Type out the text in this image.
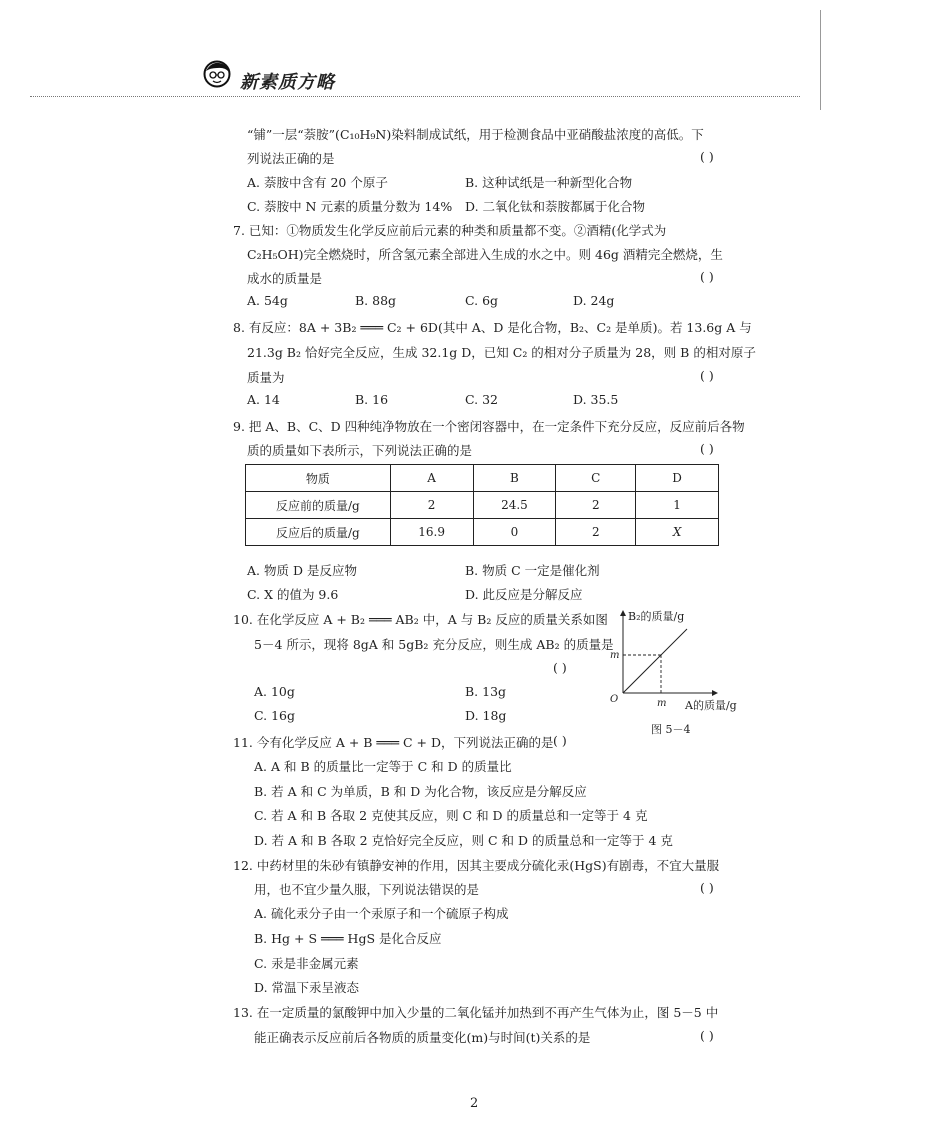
新素质方略
“铺”一层“萘胺”(C₁₀H₉N)染料制成试纸，用于检测食品中亚硝酸盐浓度的高低。下
列说法正确的是	( )
A. 萘胺中含有 20 个原子	B. 这种试纸是一种新型化合物
C. 萘胺中 N 元素的质量分数为 14% D. 二氧化钛和萘胺都属于化合物
7. 已知：①物质发生化学反应前后元素的种类和质量都不变。②酒精(化学式为
C₂H₅OH)完全燃烧时，所含氢元素全部进入生成的水之中。则 46g 酒精完全燃烧，生
成水的质量是	( )
A. 54g	B. 88g	C. 6g	D. 24g
8. 有反应：8A + 3B₂ ═══ C₂ + 6D(其中 A、D 是化合物，B₂、C₂ 是单质)。若 13.6g A 与
21.3g B₂ 恰好完全反应，生成 32.1g D，已知 C₂ 的相对分子质量为 28，则 B 的相对原子
质量为	( )
A. 14	B. 16	C. 32	D. 35.5
9. 把 A、B、C、D 四种纯净物放在一个密闭容器中，在一定条件下充分反应，反应前后各物
质的质量如下表所示，下列说法正确的是	( )
物质	A	B	C	D
反应前的质量/g	2	24.5	2	1
反应后的质量/g	16.9	0	2	X
A. 物质 D 是反应物	B. 物质 C 一定是催化剂
C. X 的值为 9.6	D. 此反应是分解反应
10. 在化学反应 A + B₂ ═══ AB₂ 中，A 与 B₂ 反应的质量关系如图
5－4 所示，现将 8gA 和 5gB₂ 充分反应，则生成 AB₂ 的质量是
( )
A. 10g	B. 13g
C. 16g	D. 18g
B₂的质量/g
A的质量/g
O
m
m
图 5－4
11. 今有化学反应 A + B ═══ C + D，下列说法正确的是 ( )
A. A 和 B 的质量比一定等于 C 和 D 的质量比
B. 若 A 和 C 为单质，B 和 D 为化合物，该反应是分解反应
C. 若 A 和 B 各取 2 克使其反应，则 C 和 D 的质量总和一定等于 4 克
D. 若 A 和 B 各取 2 克恰好完全反应，则 C 和 D 的质量总和一定等于 4 克
12. 中药材里的朱砂有镇静安神的作用，因其主要成分硫化汞(HgS)有剧毒，不宜大量服
用，也不宜少量久服，下列说法错误的是	( )
A. 硫化汞分子由一个汞原子和一个硫原子构成
B. Hg + S ═══ HgS 是化合反应
C. 汞是非金属元素
D. 常温下汞呈液态
13. 在一定质量的氯酸钾中加入少量的二氧化锰并加热到不再产生气体为止，图 5－5 中
能正确表示反应前后各物质的质量变化(m)与时间(t)关系的是	( )
2
